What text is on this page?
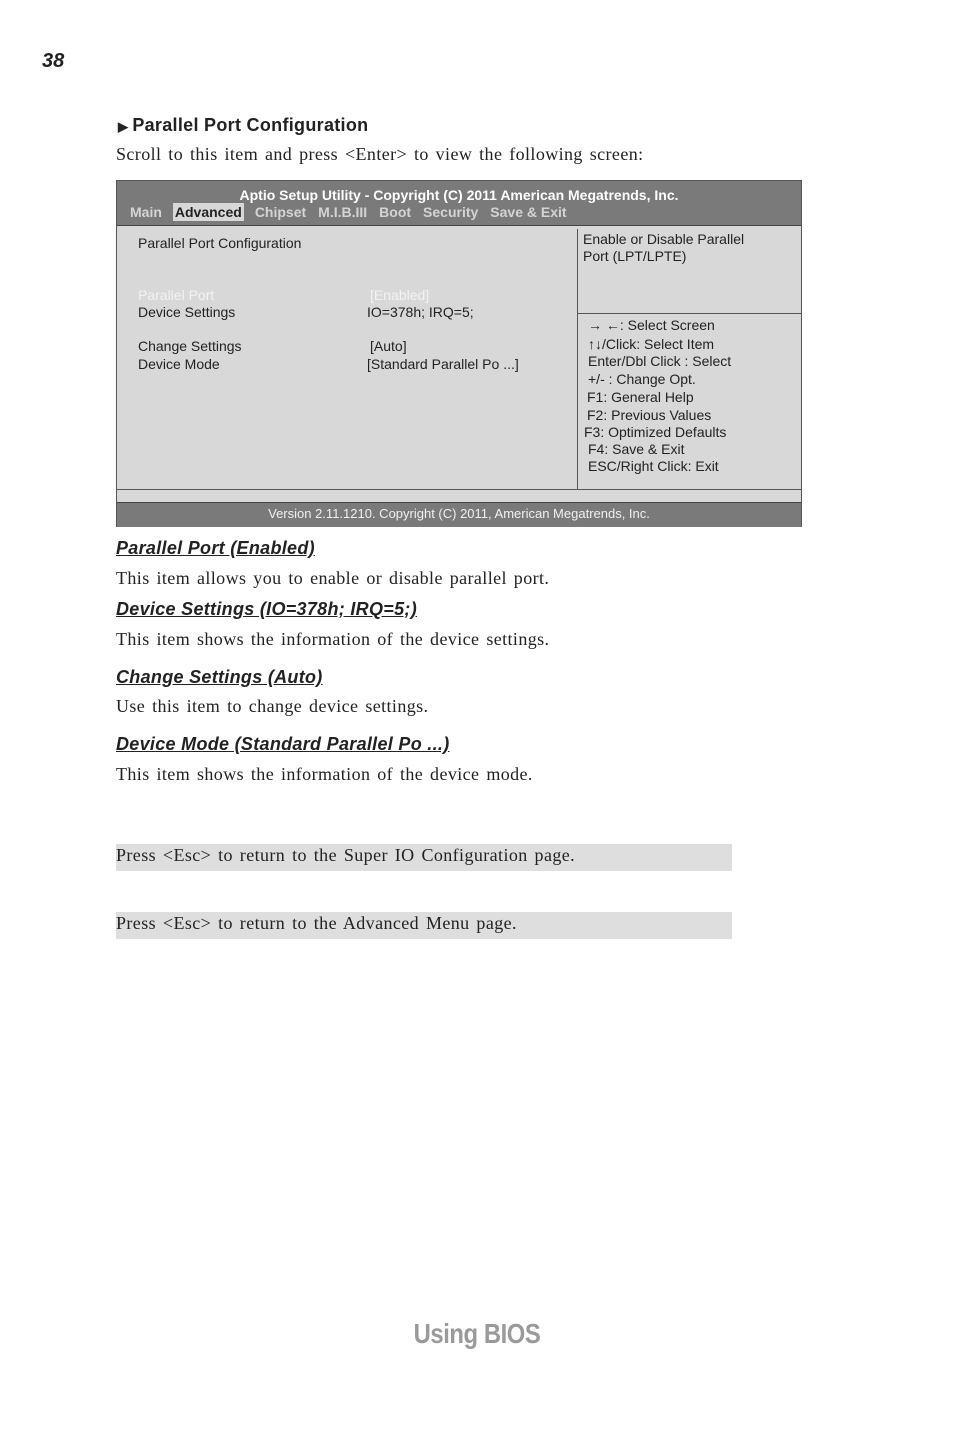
38
▶ Parallel Port Configuration
Scroll to this item and press <Enter> to view the following screen:
Aptio Setup Utility - Copyright (C) 2011 American Megatrends, Inc.
Main Advanced Chipset M.I.B.III Boot Security Save & Exit
Parallel Port Configuration
Parallel Port	[Enabled]
Device Settings	IO=378h; IRQ=5;
Change Settings	[Auto]
Device Mode	[Standard Parallel Po ...]
Enable or Disable Parallel
Port (LPT/LPTE)
→ ←: Select Screen
↑↓/Click: Select Item
Enter/Dbl Click : Select
+/- : Change Opt.
F1: General Help
F2: Previous Values
F3: Optimized Defaults
F4: Save & Exit
ESC/Right Click: Exit
Version 2.11.1210. Copyright (C) 2011, American Megatrends, Inc.
Parallel Port (Enabled)
This item allows you to enable or disable parallel port.
Device Settings (IO=378h; IRQ=5;)
This item shows the information of the device settings.
Change Settings (Auto)
Use this item to change device settings.
Device Mode (Standard Parallel Po ...)
This item shows the information of the device mode.
Press <Esc> to return to the Super IO Configuration page.
Press <Esc> to return to the Advanced Menu page.
Using BIOS
